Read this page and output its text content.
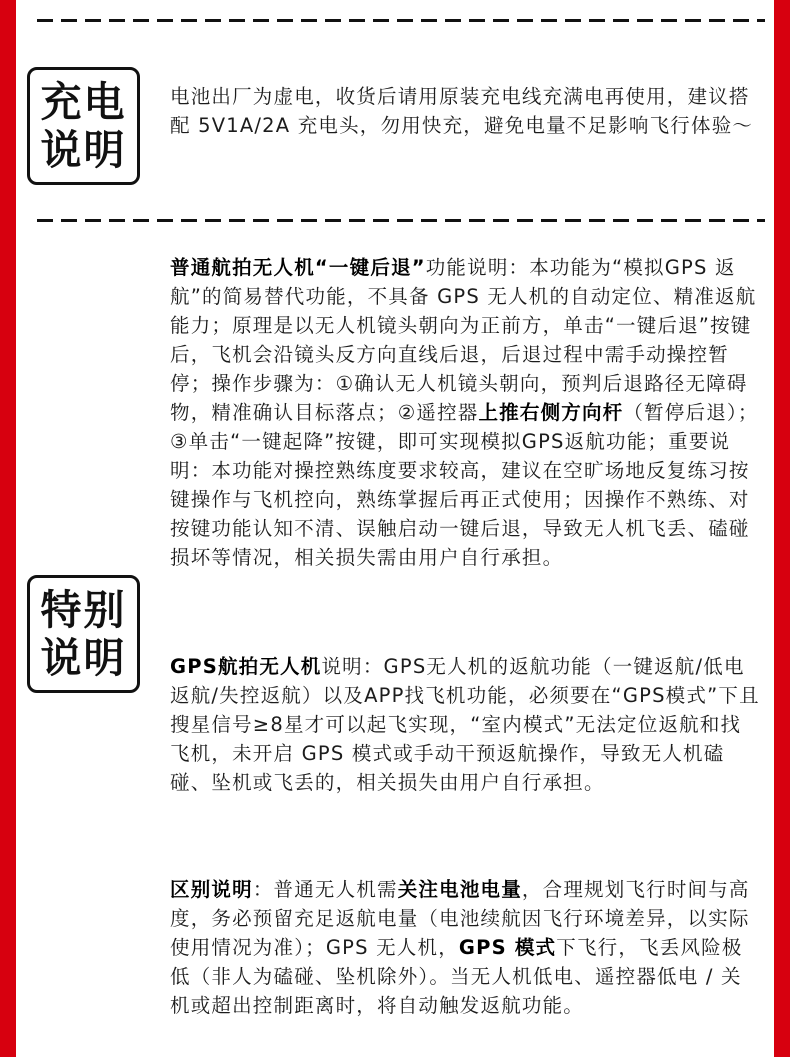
充电
说明

电池出厂为虚电，收货后请用原装充电线充满电再使用，建议搭配 5V1A/2A 充电头，勿用快充，避免电量不足影响飞行体验～

特别
说明

普通航拍无人机“一键后退”功能说明：本功能为“模拟GPS 返航”的简易替代功能，不具备 GPS 无人机的自动定位、精准返航能力；原理是以无人机镜头朝向为正前方，单击“一键后退”按键后，飞机会沿镜头反方向直线后退，后退过程中需手动操控暂停；操作步骤为：①确认无人机镜头朝向，预判后退路径无障碍物，精准确认目标落点；②遥控器上推右侧方向杆（暂停后退）；③单击“一键起降”按键，即可实现模拟GPS返航功能；重要说明：本功能对操控熟练度要求较高，建议在空旷场地反复练习按键操作与飞机控向，熟练掌握后再正式使用；因操作不熟练、对按键功能认知不清、误触启动一键后退，导致无人机飞丢、磕碰损坏等情况，相关损失需由用户自行承担。

GPS航拍无人机说明：GPS无人机的返航功能（一键返航/低电返航/失控返航）以及APP找飞机功能，必须要在“GPS模式”下且搜星信号≥8星才可以起飞实现，“室内模式”无法定位返航和找飞机，未开启 GPS 模式或手动干预返航操作，导致无人机磕碰、坠机或飞丢的，相关损失由用户自行承担。

区别说明：普通无人机需关注电池电量，合理规划飞行时间与高度，务必预留充足返航电量（电池续航因飞行环境差异，以实际使用情况为准）；GPS 无人机，GPS 模式下飞行，飞丢风险极低（非人为磕碰、坠机除外）。当无人机低电、遥控器低电 / 关机或超出控制距离时，将自动触发返航功能。
